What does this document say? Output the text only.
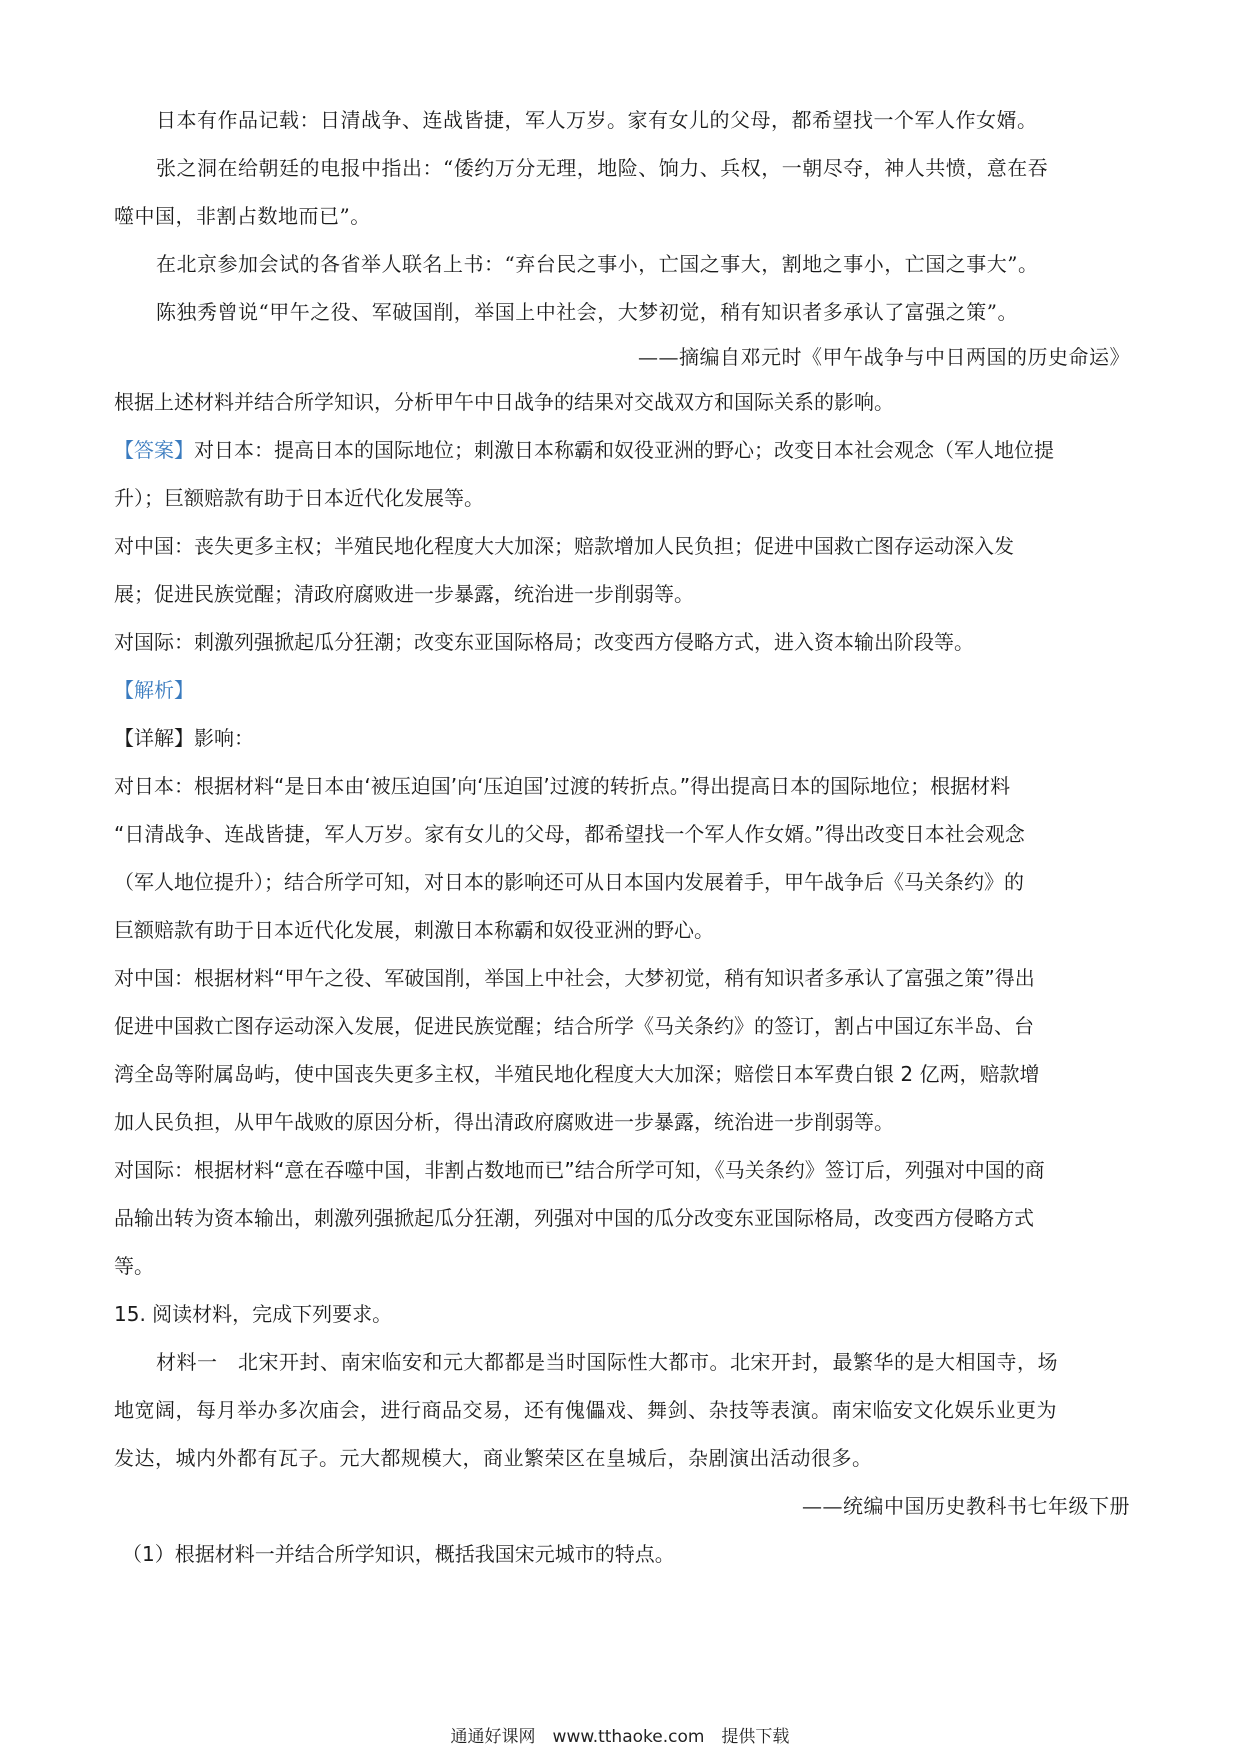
日本有作品记载：日清战争、连战皆捷，军人万岁。家有女儿的父母，都希望找一个军人作女婿。
张之洞在给朝廷的电报中指出：“倭约万分无理，地险、饷力、兵权，一朝尽夺，神人共愤，意在吞
噬中国，非割占数地而已”。
在北京参加会试的各省举人联名上书：“弃台民之事小，亡国之事大，割地之事小，亡国之事大”。
陈独秀曾说“甲午之役、军破国削，举国上中社会，大梦初觉，稍有知识者多承认了富强之策”。
——摘编自邓元时《甲午战争与中日两国的历史命运》
根据上述材料并结合所学知识，分析甲午中日战争的结果对交战双方和国际关系的影响。
【答案】对日本：提高日本的国际地位；刺激日本称霸和奴役亚洲的野心；改变日本社会观念（军人地位提
升）；巨额赔款有助于日本近代化发展等。
对中国：丧失更多主权；半殖民地化程度大大加深；赔款增加人民负担；促进中国救亡图存运动深入发
展；促进民族觉醒；清政府腐败进一步暴露，统治进一步削弱等。
对国际：刺激列强掀起瓜分狂潮；改变东亚国际格局；改变西方侵略方式，进入资本输出阶段等。
【解析】
【详解】影响：
对日本：根据材料“是日本由‘被压迫国’向‘压迫国’过渡的转折点。”得出提高日本的国际地位；根据材料
“日清战争、连战皆捷，军人万岁。家有女儿的父母，都希望找一个军人作女婿。”得出改变日本社会观念
（军人地位提升）；结合所学可知，对日本的影响还可从日本国内发展着手，甲午战争后《马关条约》的
巨额赔款有助于日本近代化发展，刺激日本称霸和奴役亚洲的野心。
对中国：根据材料“甲午之役、军破国削，举国上中社会，大梦初觉，稍有知识者多承认了富强之策”得出
促进中国救亡图存运动深入发展，促进民族觉醒；结合所学《马关条约》的签订，割占中国辽东半岛、台
湾全岛等附属岛屿，使中国丧失更多主权，半殖民地化程度大大加深；赔偿日本军费白银 2 亿两，赔款增
加人民负担，从甲午战败的原因分析，得出清政府腐败进一步暴露，统治进一步削弱等。
对国际：根据材料“意在吞噬中国，非割占数地而已”结合所学可知，《马关条约》签订后，列强对中国的商
品输出转为资本输出，刺激列强掀起瓜分狂潮，列强对中国的瓜分改变东亚国际格局，改变西方侵略方式
等。
15. 阅读材料，完成下列要求。
材料一　北宋开封、南宋临安和元大都都是当时国际性大都市。北宋开封，最繁华的是大相国寺，场
地宽阔，每月举办多次庙会，进行商品交易，还有傀儡戏、舞剑、杂技等表演。南宋临安文化娱乐业更为
发达，城内外都有瓦子。元大都规模大，商业繁荣区在皇城后，杂剧演出活动很多。
——统编中国历史教科书七年级下册
（1）根据材料一并结合所学知识，概括我国宋元城市的特点。
通通好课网　www.tthaoke.com　提供下载
